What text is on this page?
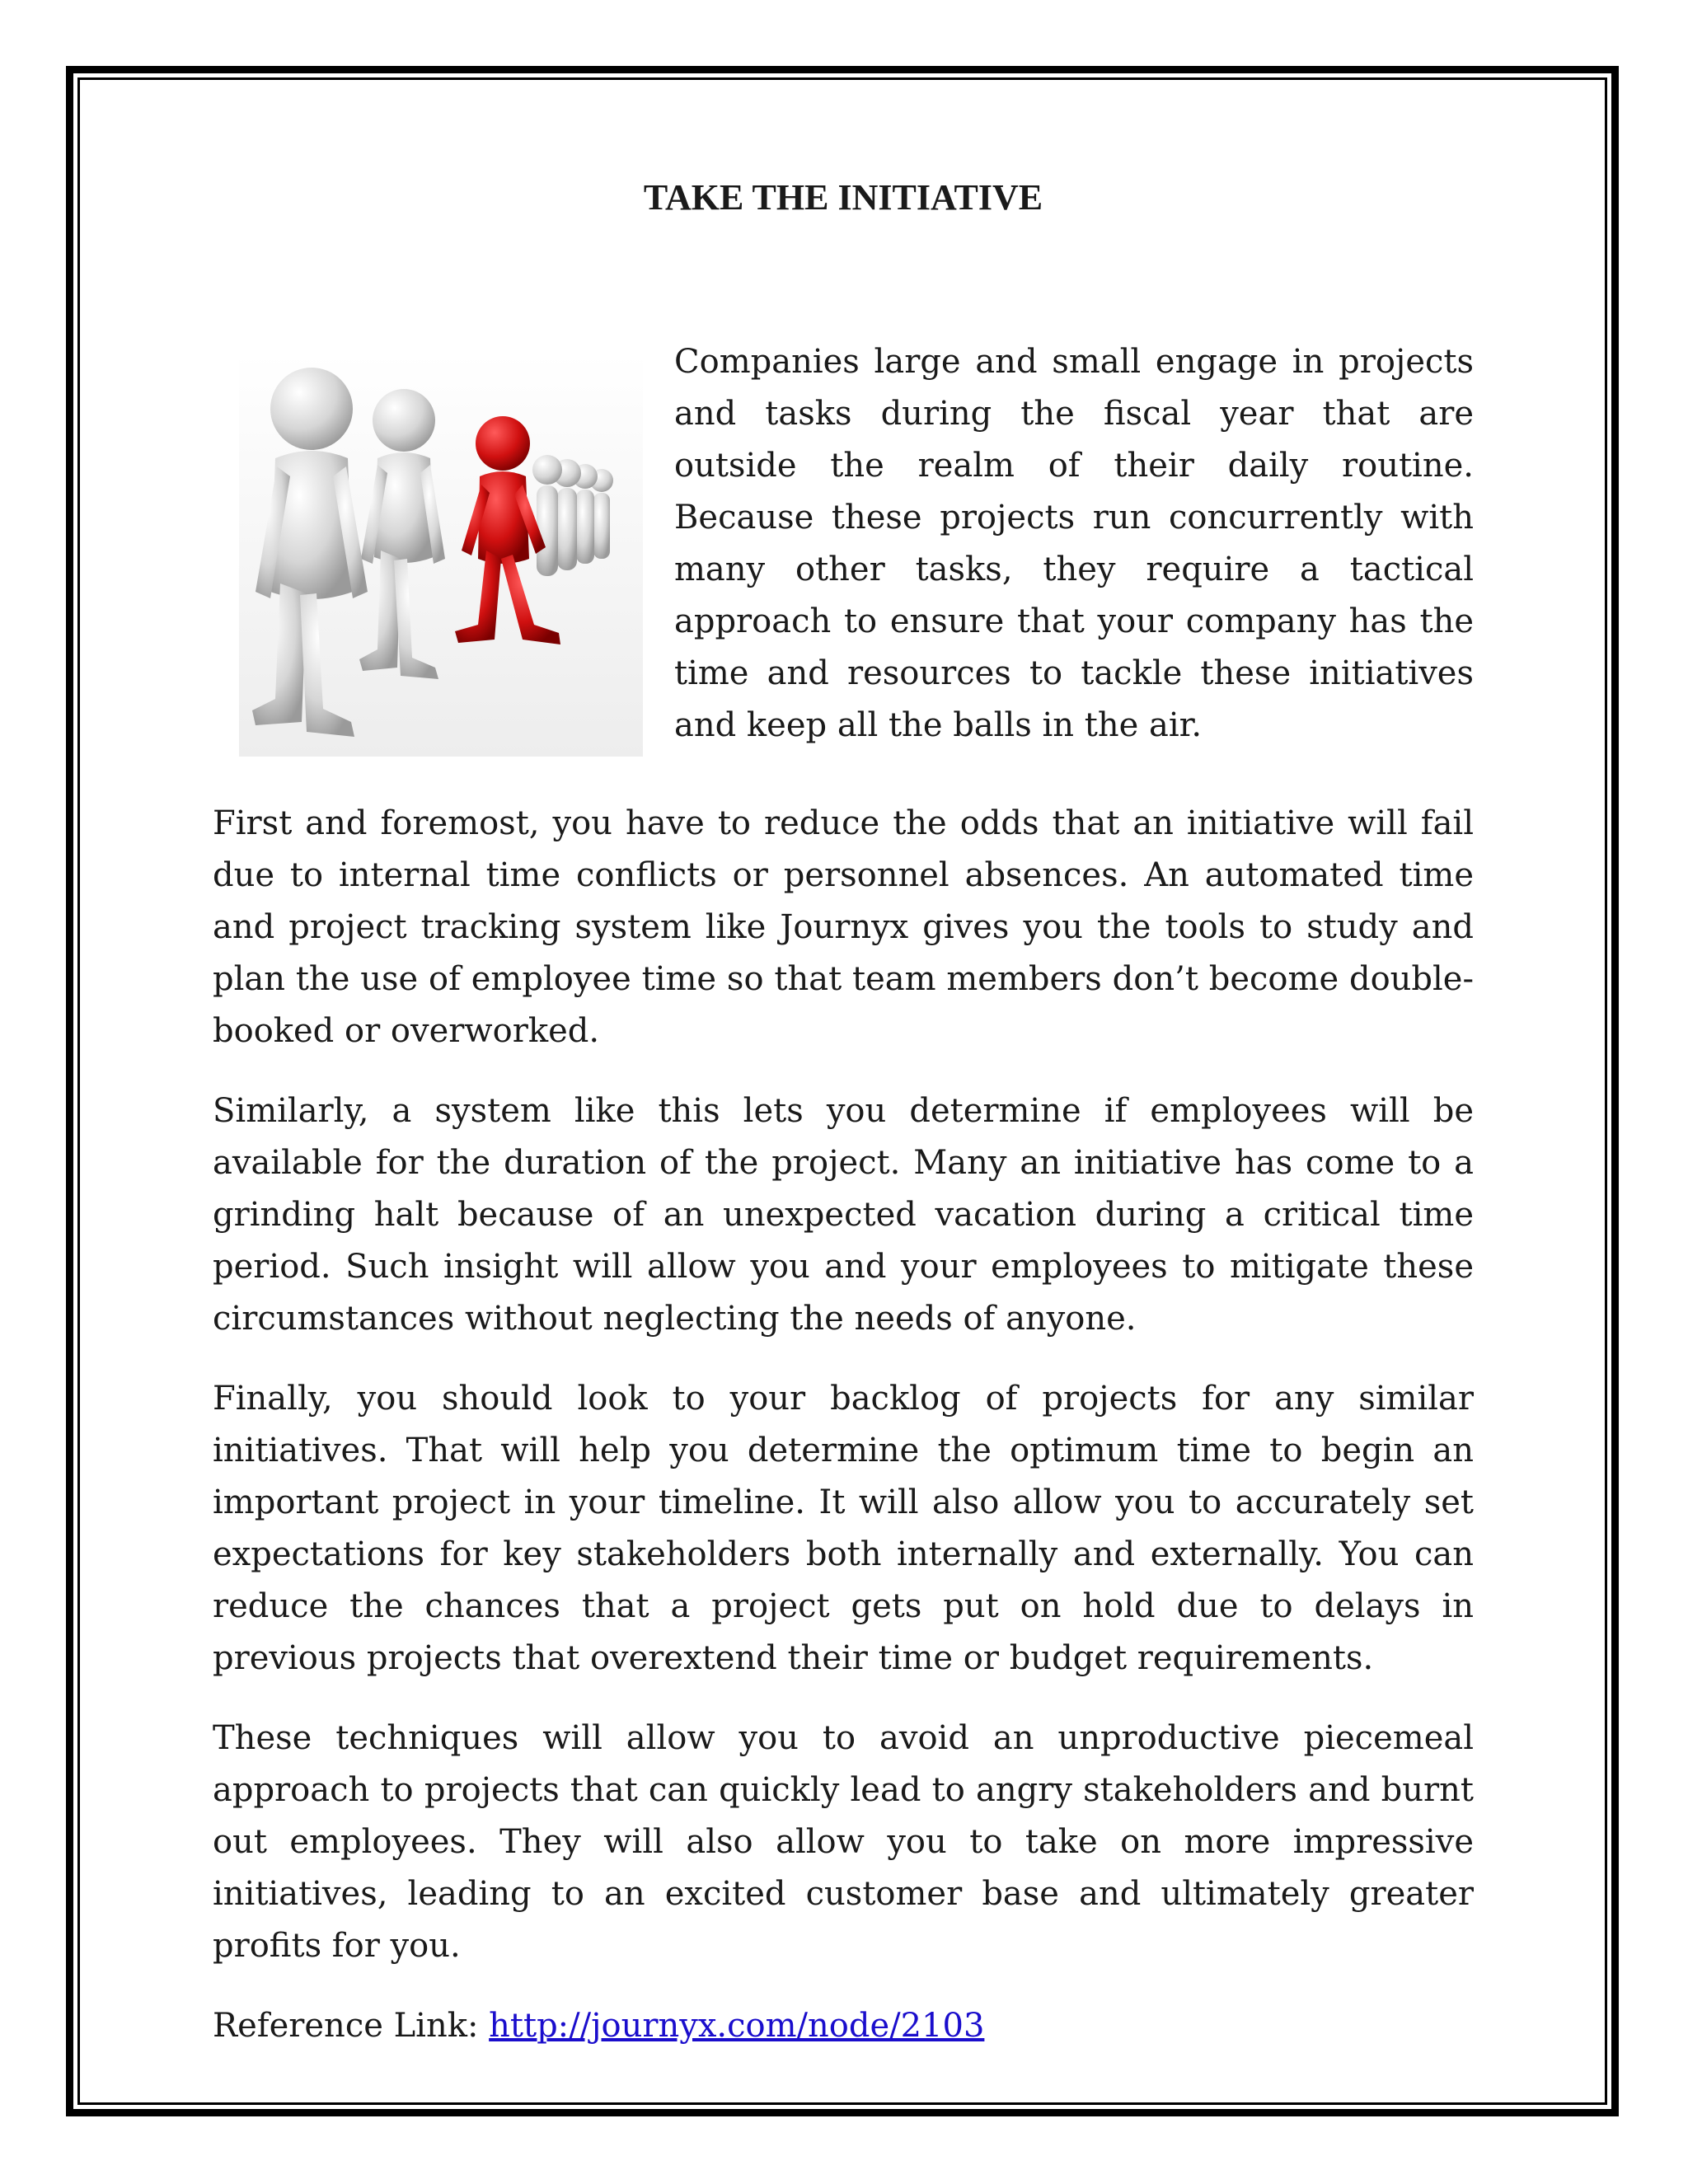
TAKE THE INITIATIVE

Companies large and small engage in projects and tasks during the fiscal year that are outside the realm of their daily routine. Because these projects run concurrently with many other tasks, they require a tactical approach to ensure that your company has the time and resources to tackle these initiatives and keep all the balls in the air.

First and foremost, you have to reduce the odds that an initiative will fail due to internal time conflicts or personnel absences. An automated time and project tracking system like Journyx gives you the tools to study and plan the use of employee time so that team members don’t become double-booked or overworked.

Similarly, a system like this lets you determine if employees will be available for the duration of the project. Many an initiative has come to a grinding halt because of an unexpected vacation during a critical time period. Such insight will allow you and your employees to mitigate these circumstances without neglecting the needs of anyone.

Finally, you should look to your backlog of projects for any similar initiatives. That will help you determine the optimum time to begin an important project in your timeline. It will also allow you to accurately set expectations for key stakeholders both internally and externally. You can reduce the chances that a project gets put on hold due to delays in previous projects that overextend their time or budget requirements.

These techniques will allow you to avoid an unproductive piecemeal approach to projects that can quickly lead to angry stakeholders and burnt out employees. They will also allow you to take on more impressive initiatives, leading to an excited customer base and ultimately greater profits for you.

Reference Link: http://journyx.com/node/2103
